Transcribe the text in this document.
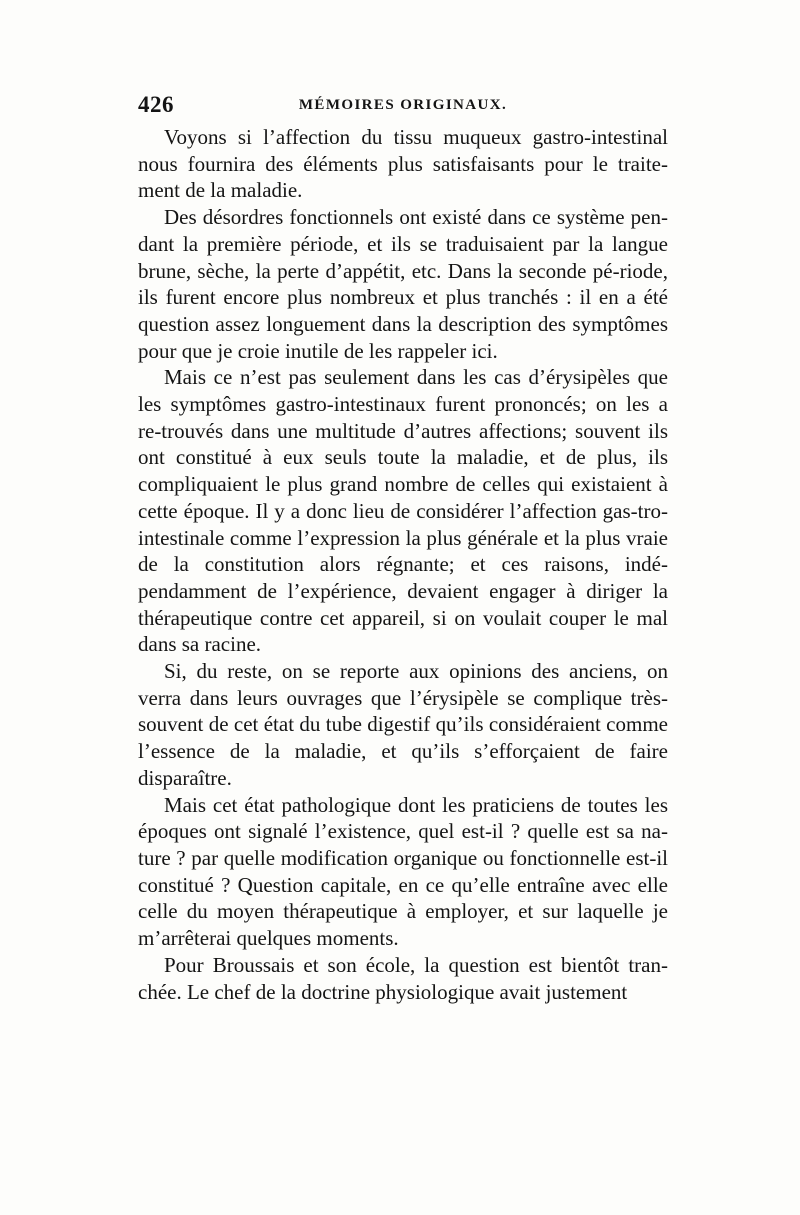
426	MÉMOIRES ORIGINAUX.

Voyons si l’affection du tissu muqueux gastro-intestinal nous fournira des éléments plus satisfaisants pour le traite-ment de la maladie.

Des désordres fonctionnels ont existé dans ce système pen-dant la première période, et ils se traduisaient par la langue brune, sèche, la perte d’appétit, etc. Dans la seconde pé-riode, ils furent encore plus nombreux et plus tranchés : il en a été question assez longuement dans la description des symptômes pour que je croie inutile de les rappeler ici.

Mais ce n’est pas seulement dans les cas d’érysipèles que les symptômes gastro-intestinaux furent prononcés; on les a re-trouvés dans une multitude d’autres affections; souvent ils ont constitué à eux seuls toute la maladie, et de plus, ils compliquaient le plus grand nombre de celles qui existaient à cette époque. Il y a donc lieu de considérer l’affection gas-tro-intestinale comme l’expression la plus générale et la plus vraie de la constitution alors régnante; et ces raisons, indé-pendamment de l’expérience, devaient engager à diriger la thérapeutique contre cet appareil, si on voulait couper le mal dans sa racine.

Si, du reste, on se reporte aux opinions des anciens, on verra dans leurs ouvrages que l’érysipèle se complique très-souvent de cet état du tube digestif qu’ils considéraient comme l’essence de la maladie, et qu’ils s’efforçaient de faire disparaître.

Mais cet état pathologique dont les praticiens de toutes les époques ont signalé l’existence, quel est-il ? quelle est sa na-ture ? par quelle modification organique ou fonctionnelle est-il constitué ? Question capitale, en ce qu’elle entraîne avec elle celle du moyen thérapeutique à employer, et sur laquelle je m’arrêterai quelques moments.

Pour Broussais et son école, la question est bientôt tran-chée. Le chef de la doctrine physiologique avait justement
